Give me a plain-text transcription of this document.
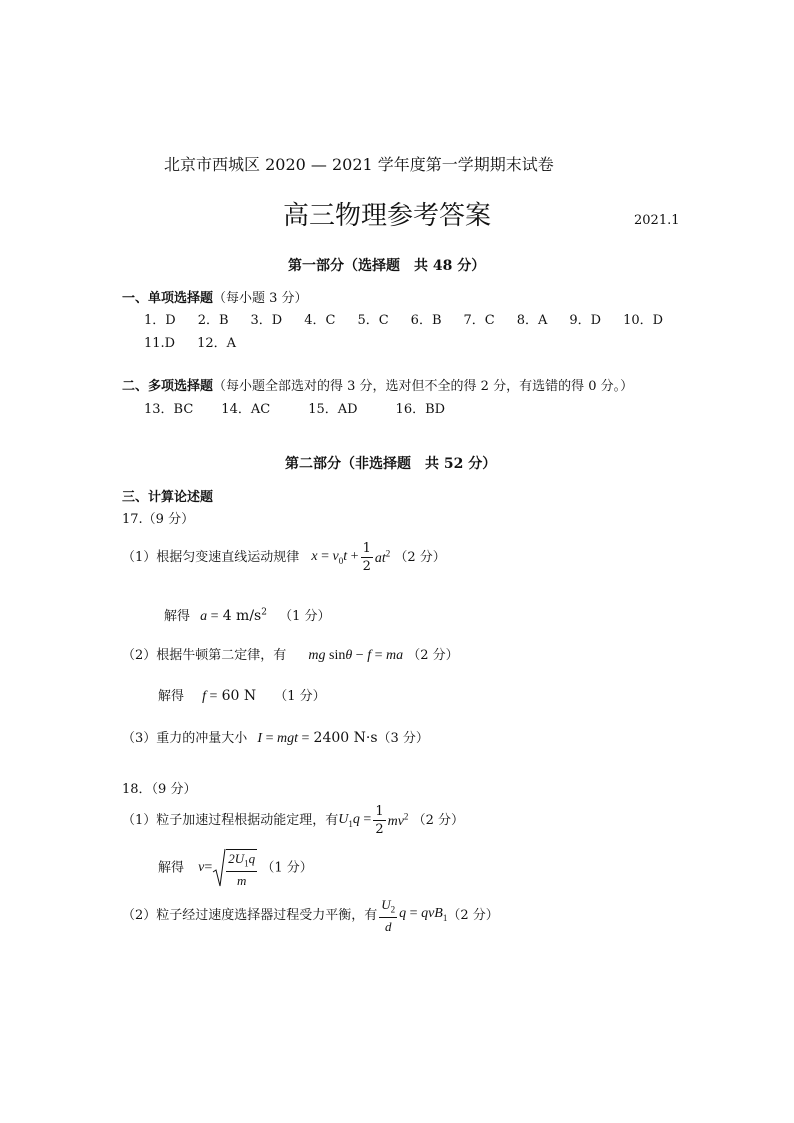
北京市西城区 2020 — 2021 学年度第一学期期末试卷
高三物理参考答案	2021.1
第一部分（选择题　共 48 分）
一、单项选择题（每小题 3 分）
1．D 2．B 3．D 4．C 5．C 6．B 7．C 8．A 9．D 10．D
11.D 12．A
二、多项选择题（每小题全部选对的得 3 分，选对但不全的得 2 分，有选错的得 0 分。）
13．BC 14．AC	15．AD	16．BD
第二部分（非选择题　共 52 分）
三、计算论述题
17.（9 分）
（1）根据匀变速直线运动规律 $x = v_0t + \frac{1}{2} at^2$ （2 分）
解得 a = 4 $m/s^2$ （1 分）
（2）根据牛顿第二定律，有 mg sinθ − f = ma （2 分）
解得 f = 60 N （1 分）
（3）重力的冲量大小 I = mgt = 2400 N·s（3 分）
18．（9 分）
（1）粒子加速过程根据动能定理，有$U_1q = \frac{1}{2} mv^2$ （2 分）
解得 $v= \frac{2U_1q}{m} (1$ 分）
（2）粒子经过速度选择器过程受力平衡，有 $\frac{U_2}{d}$ q = qvB$_1$（2 分）
